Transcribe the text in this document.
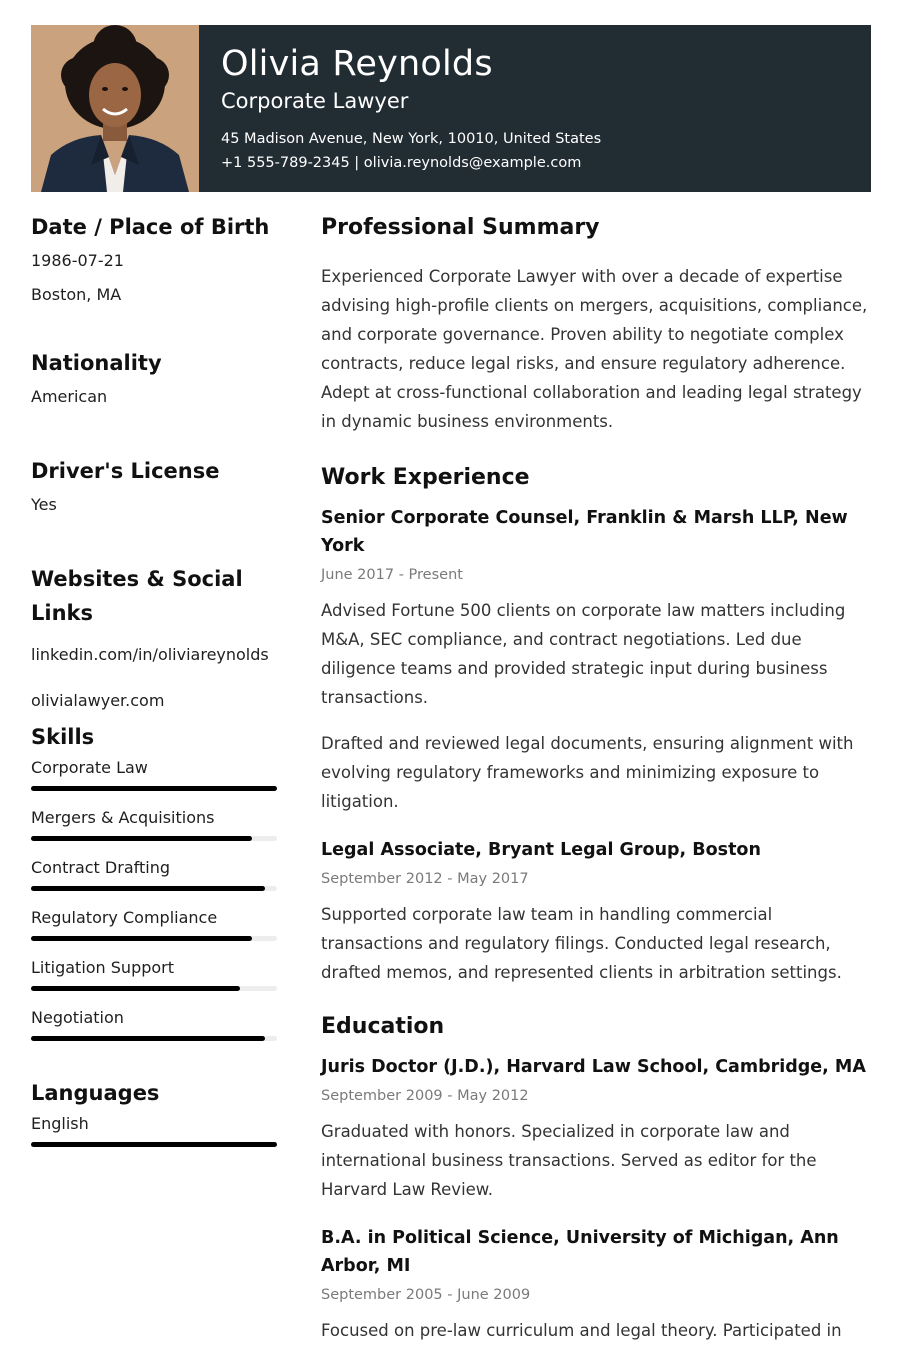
Olivia Reynolds
Corporate Lawyer
45 Madison Avenue, New York, 10010, United States
+1 555-789-2345 | olivia.reynolds@example.com
Date / Place of Birth
1986-07-21
Boston, MA
Nationality
American
Driver's License
Yes
Websites & Social Links
linkedin.com/in/oliviareynolds
olivialawyer.com
Skills
Corporate Law
Mergers & Acquisitions
Contract Drafting
Regulatory Compliance
Litigation Support
Negotiation
Languages
English
Professional Summary
Experienced Corporate Lawyer with over a decade of expertise advising high-profile clients on mergers, acquisitions, compliance, and corporate governance. Proven ability to negotiate complex contracts, reduce legal risks, and ensure regulatory adherence. Adept at cross-functional collaboration and leading legal strategy in dynamic business environments.
Work Experience
Senior Corporate Counsel, Franklin & Marsh LLP, New York
June 2017 - Present
Advised Fortune 500 clients on corporate law matters including M&A, SEC compliance, and contract negotiations. Led due diligence teams and provided strategic input during business transactions.
Drafted and reviewed legal documents, ensuring alignment with evolving regulatory frameworks and minimizing exposure to litigation.
Legal Associate, Bryant Legal Group, Boston
September 2012 - May 2017
Supported corporate law team in handling commercial transactions and regulatory filings. Conducted legal research, drafted memos, and represented clients in arbitration settings.
Education
Juris Doctor (J.D.), Harvard Law School, Cambridge, MA
September 2009 - May 2012
Graduated with honors. Specialized in corporate law and international business transactions. Served as editor for the Harvard Law Review.
B.A. in Political Science, University of Michigan, Ann Arbor, MI
September 2005 - June 2009
Focused on pre-law curriculum and legal theory. Participated in
